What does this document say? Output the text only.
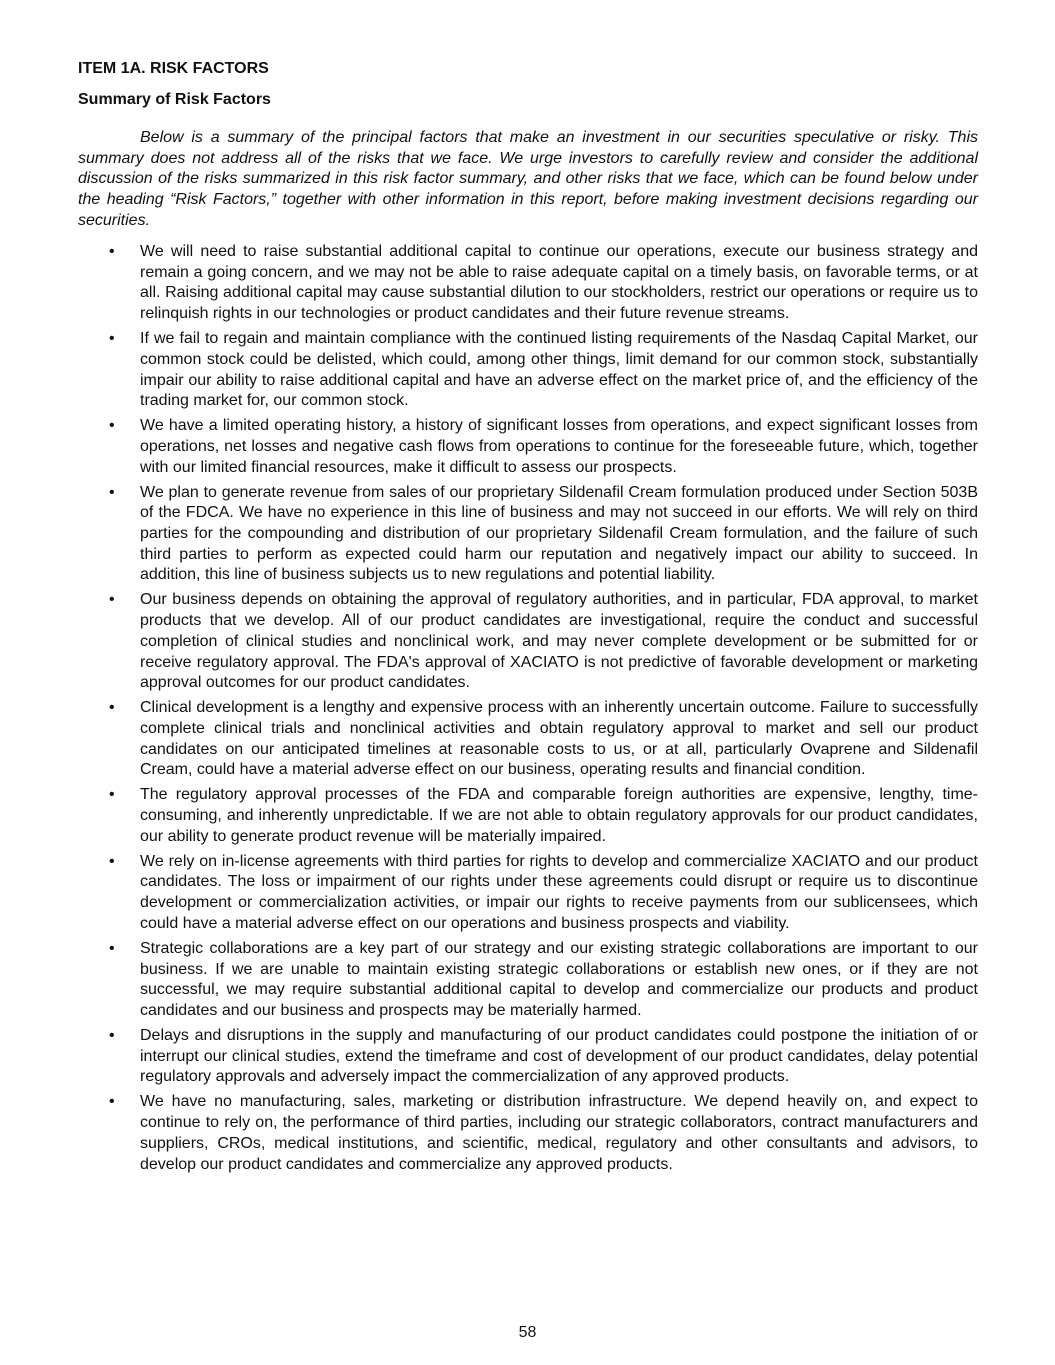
ITEM 1A. RISK FACTORS
Summary of Risk Factors

Below is a summary of the principal factors that make an investment in our securities speculative or risky. This summary does not address all of the risks that we face. We urge investors to carefully review and consider the additional discussion of the risks summarized in this risk factor summary, and other risks that we face, which can be found below under the heading “Risk Factors,” together with other information in this report, before making investment decisions regarding our securities.

• We will need to raise substantial additional capital to continue our operations, execute our business strategy and remain a going concern, and we may not be able to raise adequate capital on a timely basis, on favorable terms, or at all. Raising additional capital may cause substantial dilution to our stockholders, restrict our operations or require us to relinquish rights in our technologies or product candidates and their future revenue streams.
• If we fail to regain and maintain compliance with the continued listing requirements of the Nasdaq Capital Market, our common stock could be delisted, which could, among other things, limit demand for our common stock, substantially impair our ability to raise additional capital and have an adverse effect on the market price of, and the efficiency of the trading market for, our common stock.
• We have a limited operating history, a history of significant losses from operations, and expect significant losses from operations, net losses and negative cash flows from operations to continue for the foreseeable future, which, together with our limited financial resources, make it difficult to assess our prospects.
• We plan to generate revenue from sales of our proprietary Sildenafil Cream formulation produced under Section 503B of the FDCA. We have no experience in this line of business and may not succeed in our efforts. We will rely on third parties for the compounding and distribution of our proprietary Sildenafil Cream formulation, and the failure of such third parties to perform as expected could harm our reputation and negatively impact our ability to succeed. In addition, this line of business subjects us to new regulations and potential liability.
• Our business depends on obtaining the approval of regulatory authorities, and in particular, FDA approval, to market products that we develop. All of our product candidates are investigational, require the conduct and successful completion of clinical studies and nonclinical work, and may never complete development or be submitted for or receive regulatory approval. The FDA's approval of XACIATO is not predictive of favorable development or marketing approval outcomes for our product candidates.
• Clinical development is a lengthy and expensive process with an inherently uncertain outcome. Failure to successfully complete clinical trials and nonclinical activities and obtain regulatory approval to market and sell our product candidates on our anticipated timelines at reasonable costs to us, or at all, particularly Ovaprene and Sildenafil Cream, could have a material adverse effect on our business, operating results and financial condition.
• The regulatory approval processes of the FDA and comparable foreign authorities are expensive, lengthy, time-consuming, and inherently unpredictable. If we are not able to obtain regulatory approvals for our product candidates, our ability to generate product revenue will be materially impaired.
• We rely on in-license agreements with third parties for rights to develop and commercialize XACIATO and our product candidates. The loss or impairment of our rights under these agreements could disrupt or require us to discontinue development or commercialization activities, or impair our rights to receive payments from our sublicensees, which could have a material adverse effect on our operations and business prospects and viability.
• Strategic collaborations are a key part of our strategy and our existing strategic collaborations are important to our business. If we are unable to maintain existing strategic collaborations or establish new ones, or if they are not successful, we may require substantial additional capital to develop and commercialize our products and product candidates and our business and prospects may be materially harmed.
• Delays and disruptions in the supply and manufacturing of our product candidates could postpone the initiation of or interrupt our clinical studies, extend the timeframe and cost of development of our product candidates, delay potential regulatory approvals and adversely impact the commercialization of any approved products.
• We have no manufacturing, sales, marketing or distribution infrastructure. We depend heavily on, and expect to continue to rely on, the performance of third parties, including our strategic collaborators, contract manufacturers and suppliers, CROs, medical institutions, and scientific, medical, regulatory and other consultants and advisors, to develop our product candidates and commercialize any approved products.
58
